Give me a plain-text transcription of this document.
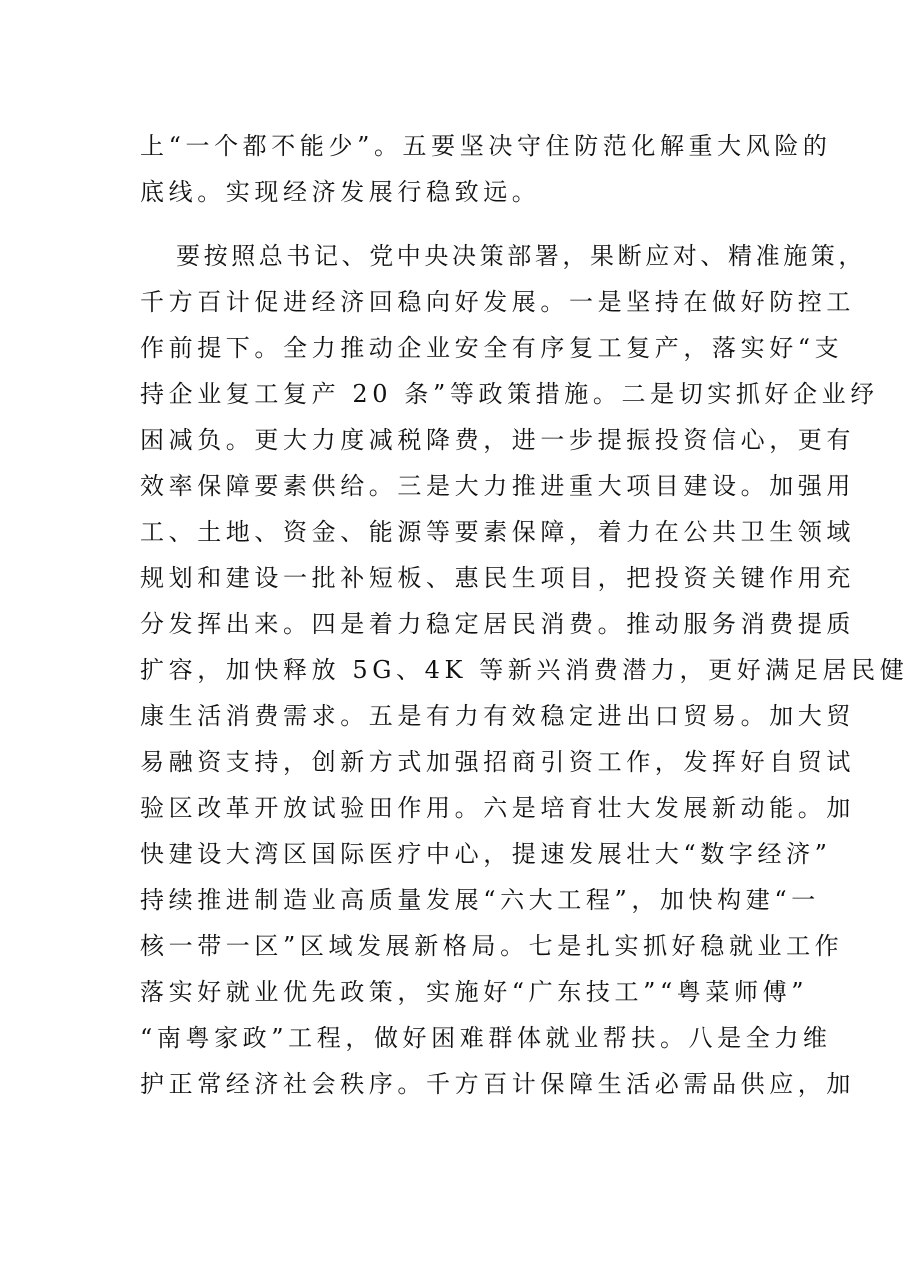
上“一个都不能少”。五要坚决守住防范化解重大风险的
底线。实现经济发展行稳致远。
要按照总书记、党中央决策部署，果断应对、精准施策，
千方百计促进经济回稳向好发展。一是坚持在做好防控工
作前提下。全力推动企业安全有序复工复产，落实好“支
持企业复工复产 20 条”等政策措施。二是切实抓好企业纾
困减负。更大力度减税降费，进一步提振投资信心，更有
效率保障要素供给。三是大力推进重大项目建设。加强用
工、土地、资金、能源等要素保障，着力在公共卫生领域
规划和建设一批补短板、惠民生项目，把投资关键作用充
分发挥出来。四是着力稳定居民消费。推动服务消费提质
扩容，加快释放 5G、4K 等新兴消费潜力，更好满足居民健
康生活消费需求。五是有力有效稳定进出口贸易。加大贸
易融资支持，创新方式加强招商引资工作，发挥好自贸试
验区改革开放试验田作用。六是培育壮大发展新动能。加
快建设大湾区国际医疗中心，提速发展壮大“数字经济”
持续推进制造业高质量发展“六大工程”，加快构建“一
核一带一区”区域发展新格局。七是扎实抓好稳就业工作
落实好就业优先政策，实施好“广东技工”“粤菜师傅”
“南粤家政”工程，做好困难群体就业帮扶。八是全力维
护正常经济社会秩序。千方百计保障生活必需品供应，加
